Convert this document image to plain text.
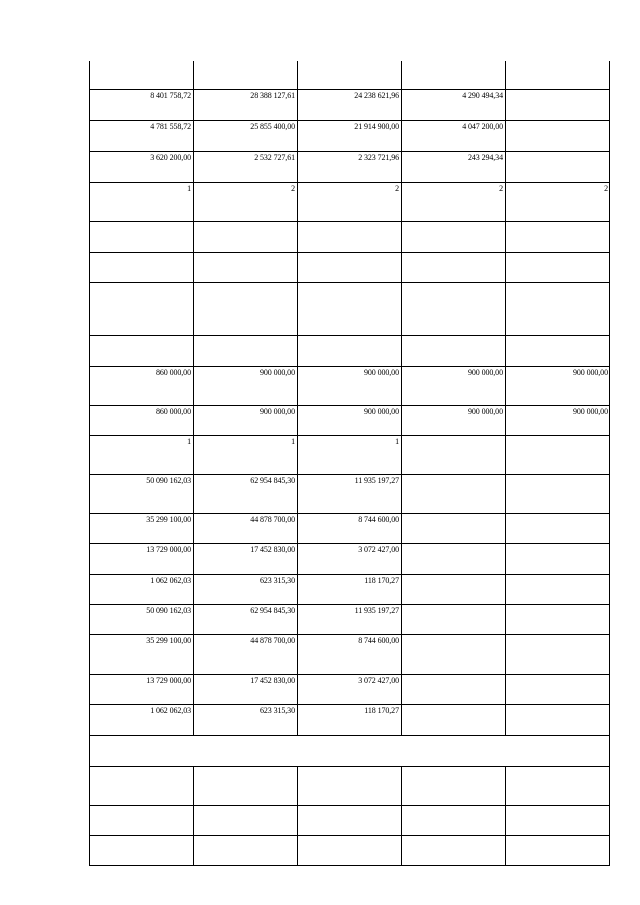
8 401 758,72	28 388 127,61	24 238 621,96	4 290 494,34
4 781 558,72	25 855 400,00	21 914 900,00	4 047 200,00
3 620 200,00	2 532 727,61	2 323 721,96	243 294,34
1	2	2	2	2
860 000,00	900 000,00	900 000,00	900 000,00	900 000,00
860 000,00	900 000,00	900 000,00	900 000,00	900 000,00
1	1	1
50 090 162,03	62 954 845,30	11 935 197,27
35 299 100,00	44 878 700,00	8 744 600,00
13 729 000,00	17 452 830,00	3 072 427,00
1 062 062,03	623 315,30	118 170,27
50 090 162,03	62 954 845,30	11 935 197,27
35 299 100,00	44 878 700,00	8 744 600,00
13 729 000,00	17 452 830,00	3 072 427,00
1 062 062,03	623 315,30	118 170,27
